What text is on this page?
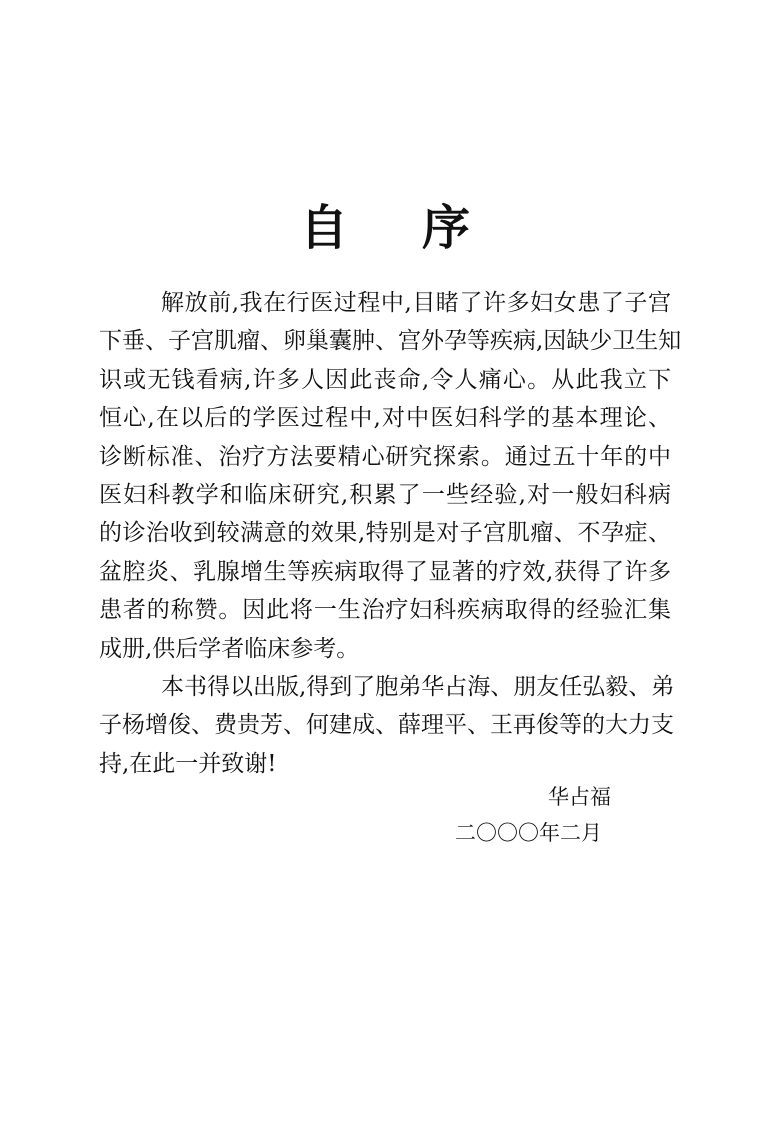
自 序
解放前,我在行医过程中,目睹了许多妇女患了子宫
下垂、子宫肌瘤、卵巢囊肿、宫外孕等疾病,因缺少卫生知
识或无钱看病,许多人因此丧命,令人痛心。从此我立下
恒心,在以后的学医过程中,对中医妇科学的基本理论、
诊断标准、治疗方法要精心研究探索。通过五十年的中
医妇科教学和临床研究,积累了一些经验,对一般妇科病
的诊治收到较满意的效果,特别是对子宫肌瘤、不孕症、
盆腔炎、乳腺增生等疾病取得了显著的疗效,获得了许多
患者的称赞。因此将一生治疗妇科疾病取得的经验汇集
成册,供后学者临床参考。
本书得以出版,得到了胞弟华占海、朋友任弘毅、弟
子杨增俊、费贵芳、何建成、薛理平、王再俊等的大力支
持,在此一并致谢!
华占福
二〇〇〇年二月
